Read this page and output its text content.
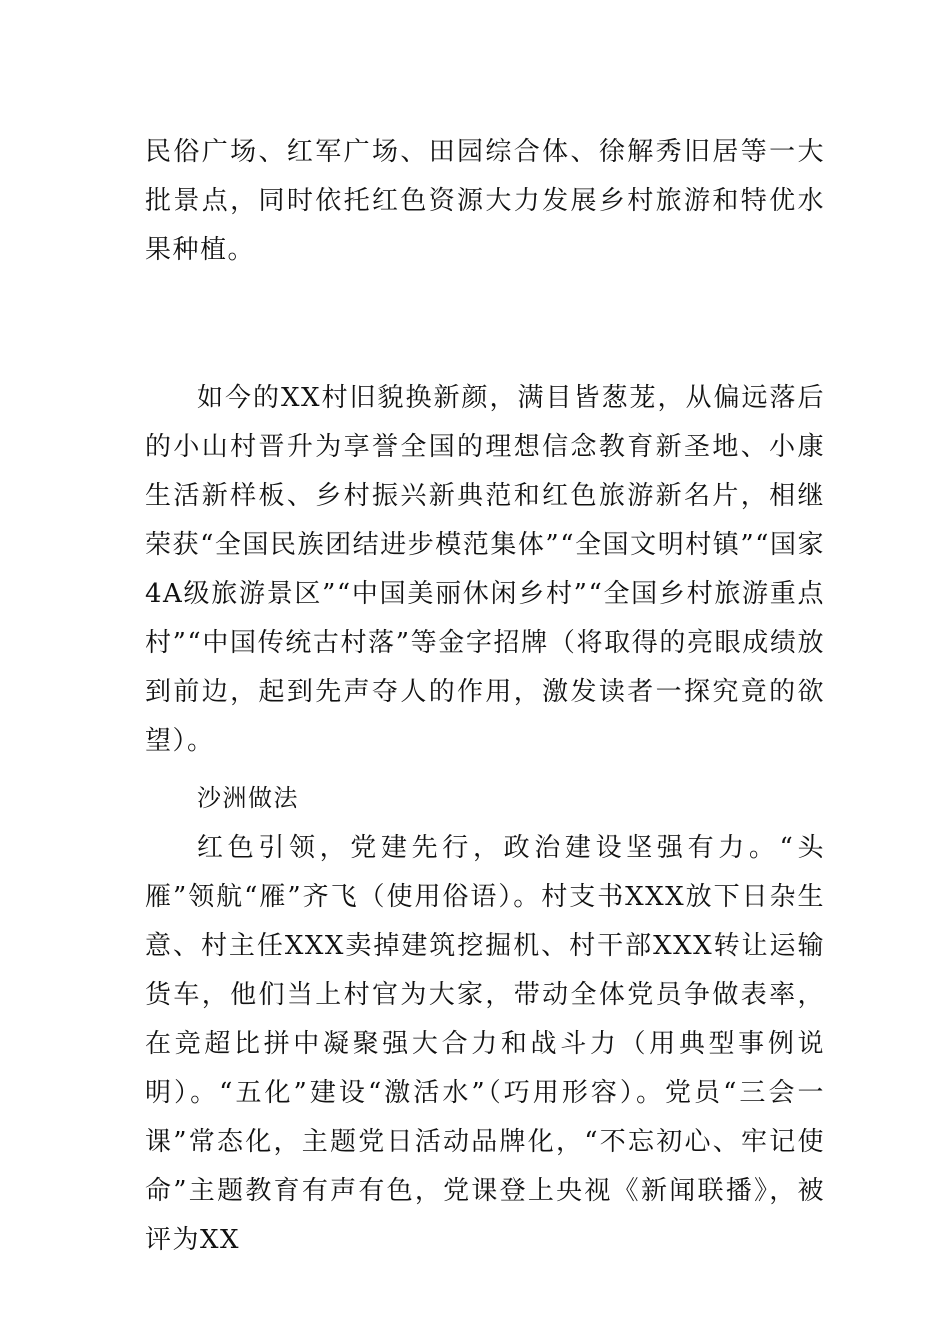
民俗广场、红军广场、田园综合体、徐解秀旧居等一大批景点，同时依托红色资源大力发展乡村旅游和特优水果种植。

如今的XX村旧貌换新颜，满目皆葱茏，从偏远落后的小山村晋升为享誉全国的理想信念教育新圣地、小康生活新样板、乡村振兴新典范和红色旅游新名片，相继荣获“全国民族团结进步模范集体”“全国文明村镇”“国家4A级旅游景区”“中国美丽休闲乡村”“全国乡村旅游重点村”“中国传统古村落”等金字招牌（将取得的亮眼成绩放到前边，起到先声夺人的作用，激发读者一探究竟的欲望）。

沙洲做法

红色引领，党建先行，政治建设坚强有力。“头雁”领航“雁”齐飞（使用俗语）。村支书XXX放下日杂生意、村主任XXX卖掉建筑挖掘机、村干部XXX转让运输货车，他们当上村官为大家，带动全体党员争做表率，在竞超比拼中凝聚强大合力和战斗力（用典型事例说明）。“五化”建设“激活水”（巧用形容）。党员“三会一课”常态化，主题党日活动品牌化，“不忘初心、牢记使命”主题教育有声有色，党课登上央视《新闻联播》，被评为XX
